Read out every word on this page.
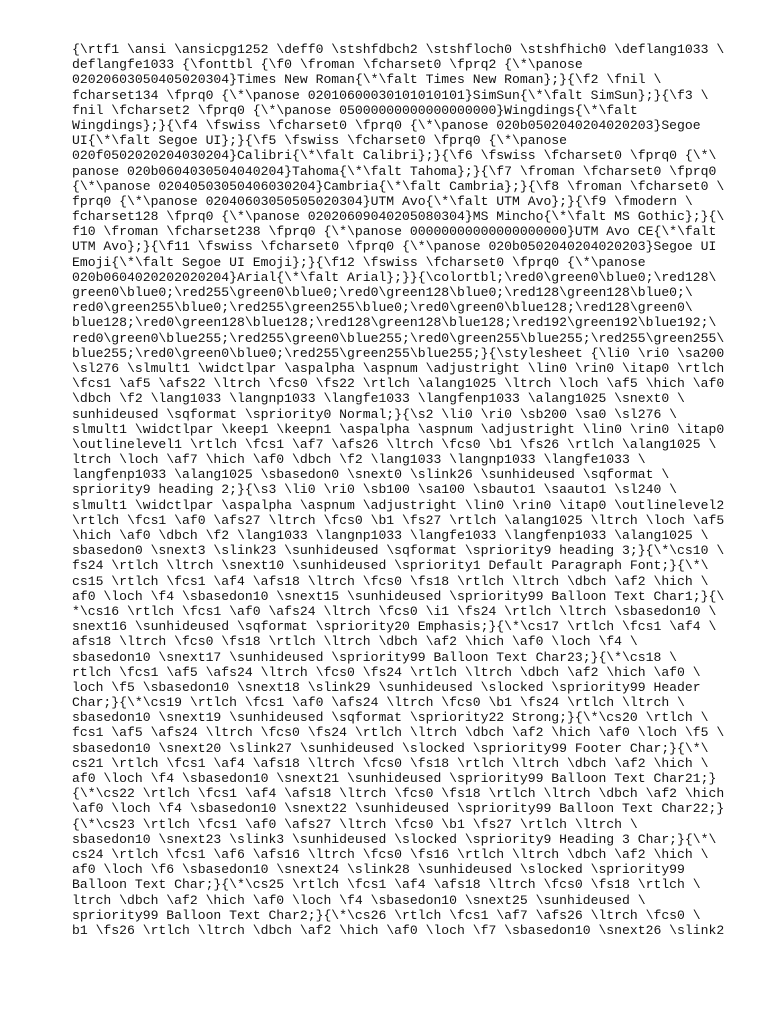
{\rtf1 \ansi \ansicpg1252 \deff0 \stshfdbch2 \stshfloch0 \stshfhich0 \deflang1033 \
deflangfe1033 {\fonttbl {\f0 \froman \fcharset0 \fprq2 {\*\panose
02020603050405020304}Times New Roman{\*\falt Times New Roman};}{\f2 \fnil \
fcharset134 \fprq0 {\*\panose 02010600030101010101}SimSun{\*\falt SimSun};}{\f3 \
fnil \fcharset2 \fprq0 {\*\panose 05000000000000000000}Wingdings{\*\falt
Wingdings};}{\f4 \fswiss \fcharset0 \fprq0 {\*\panose 020b0502040204020203}Segoe
UI{\*\falt Segoe UI};}{\f5 \fswiss \fcharset0 \fprq0 {\*\panose
020f0502020204030204}Calibri{\*\falt Calibri};}{\f6 \fswiss \fcharset0 \fprq0 {\*\
panose 020b0604030504040204}Tahoma{\*\falt Tahoma};}{\f7 \froman \fcharset0 \fprq0
{\*\panose 02040503050406030204}Cambria{\*\falt Cambria};}{\f8 \froman \fcharset0 \
fprq0 {\*\panose 02040603050505020304}UTM Avo{\*\falt UTM Avo};}{\f9 \fmodern \
fcharset128 \fprq0 {\*\panose 02020609040205080304}MS Mincho{\*\falt MS Gothic};}{\
f10 \froman \fcharset238 \fprq0 {\*\panose 00000000000000000000}UTM Avo CE{\*\falt
UTM Avo};}{\f11 \fswiss \fcharset0 \fprq0 {\*\panose 020b0502040204020203}Segoe UI
Emoji{\*\falt Segoe UI Emoji};}{\f12 \fswiss \fcharset0 \fprq0 {\*\panose
020b0604020202020204}Arial{\*\falt Arial};}}{\colortbl;\red0\green0\blue0;\red128\
green0\blue0;\red255\green0\blue0;\red0\green128\blue0;\red128\green128\blue0;\
red0\green255\blue0;\red255\green255\blue0;\red0\green0\blue128;\red128\green0\
blue128;\red0\green128\blue128;\red128\green128\blue128;\red192\green192\blue192;\
red0\green0\blue255;\red255\green0\blue255;\red0\green255\blue255;\red255\green255\
blue255;\red0\green0\blue0;\red255\green255\blue255;}{\stylesheet {\li0 \ri0 \sa200
\sl276 \slmult1 \widctlpar \aspalpha \aspnum \adjustright \lin0 \rin0 \itap0 \rtlch
\fcs1 \af5 \afs22 \ltrch \fcs0 \fs22 \rtlch \alang1025 \ltrch \loch \af5 \hich \af0
\dbch \f2 \lang1033 \langnp1033 \langfe1033 \langfenp1033 \alang1025 \snext0 \
sunhideused \sqformat \spriority0 Normal;}{\s2 \li0 \ri0 \sb200 \sa0 \sl276 \
slmult1 \widctlpar \keep1 \keepn1 \aspalpha \aspnum \adjustright \lin0 \rin0 \itap0
\outlinelevel1 \rtlch \fcs1 \af7 \afs26 \ltrch \fcs0 \b1 \fs26 \rtlch \alang1025 \
ltrch \loch \af7 \hich \af0 \dbch \f2 \lang1033 \langnp1033 \langfe1033 \
langfenp1033 \alang1025 \sbasedon0 \snext0 \slink26 \sunhideused \sqformat \
spriority9 heading 2;}{\s3 \li0 \ri0 \sb100 \sa100 \sbauto1 \saauto1 \sl240 \
slmult1 \widctlpar \aspalpha \aspnum \adjustright \lin0 \rin0 \itap0 \outlinelevel2
\rtlch \fcs1 \af0 \afs27 \ltrch \fcs0 \b1 \fs27 \rtlch \alang1025 \ltrch \loch \af5
\hich \af0 \dbch \f2 \lang1033 \langnp1033 \langfe1033 \langfenp1033 \alang1025 \
sbasedon0 \snext3 \slink23 \sunhideused \sqformat \spriority9 heading 3;}{\*\cs10 \
fs24 \rtlch \ltrch \snext10 \sunhideused \spriority1 Default Paragraph Font;}{\*\
cs15 \rtlch \fcs1 \af4 \afs18 \ltrch \fcs0 \fs18 \rtlch \ltrch \dbch \af2 \hich \
af0 \loch \f4 \sbasedon10 \snext15 \sunhideused \spriority99 Balloon Text Char1;}{\
*\cs16 \rtlch \fcs1 \af0 \afs24 \ltrch \fcs0 \i1 \fs24 \rtlch \ltrch \sbasedon10 \
snext16 \sunhideused \sqformat \spriority20 Emphasis;}{\*\cs17 \rtlch \fcs1 \af4 \
afs18 \ltrch \fcs0 \fs18 \rtlch \ltrch \dbch \af2 \hich \af0 \loch \f4 \
sbasedon10 \snext17 \sunhideused \spriority99 Balloon Text Char23;}{\*\cs18 \
rtlch \fcs1 \af5 \afs24 \ltrch \fcs0 \fs24 \rtlch \ltrch \dbch \af2 \hich \af0 \
loch \f5 \sbasedon10 \snext18 \slink29 \sunhideused \slocked \spriority99 Header
Char;}{\*\cs19 \rtlch \fcs1 \af0 \afs24 \ltrch \fcs0 \b1 \fs24 \rtlch \ltrch \
sbasedon10 \snext19 \sunhideused \sqformat \spriority22 Strong;}{\*\cs20 \rtlch \
fcs1 \af5 \afs24 \ltrch \fcs0 \fs24 \rtlch \ltrch \dbch \af2 \hich \af0 \loch \f5 \
sbasedon10 \snext20 \slink27 \sunhideused \slocked \spriority99 Footer Char;}{\*\
cs21 \rtlch \fcs1 \af4 \afs18 \ltrch \fcs0 \fs18 \rtlch \ltrch \dbch \af2 \hich \
af0 \loch \f4 \sbasedon10 \snext21 \sunhideused \spriority99 Balloon Text Char21;}
{\*\cs22 \rtlch \fcs1 \af4 \afs18 \ltrch \fcs0 \fs18 \rtlch \ltrch \dbch \af2 \hich
\af0 \loch \f4 \sbasedon10 \snext22 \sunhideused \spriority99 Balloon Text Char22;}
{\*\cs23 \rtlch \fcs1 \af0 \afs27 \ltrch \fcs0 \b1 \fs27 \rtlch \ltrch \
sbasedon10 \snext23 \slink3 \sunhideused \slocked \spriority9 Heading 3 Char;}{\*\
cs24 \rtlch \fcs1 \af6 \afs16 \ltrch \fcs0 \fs16 \rtlch \ltrch \dbch \af2 \hich \
af0 \loch \f6 \sbasedon10 \snext24 \slink28 \sunhideused \slocked \spriority99
Balloon Text Char;}{\*\cs25 \rtlch \fcs1 \af4 \afs18 \ltrch \fcs0 \fs18 \rtlch \
ltrch \dbch \af2 \hich \af0 \loch \f4 \sbasedon10 \snext25 \sunhideused \
spriority99 Balloon Text Char2;}{\*\cs26 \rtlch \fcs1 \af7 \afs26 \ltrch \fcs0 \
b1 \fs26 \rtlch \ltrch \dbch \af2 \hich \af0 \loch \f7 \sbasedon10 \snext26 \slink2
